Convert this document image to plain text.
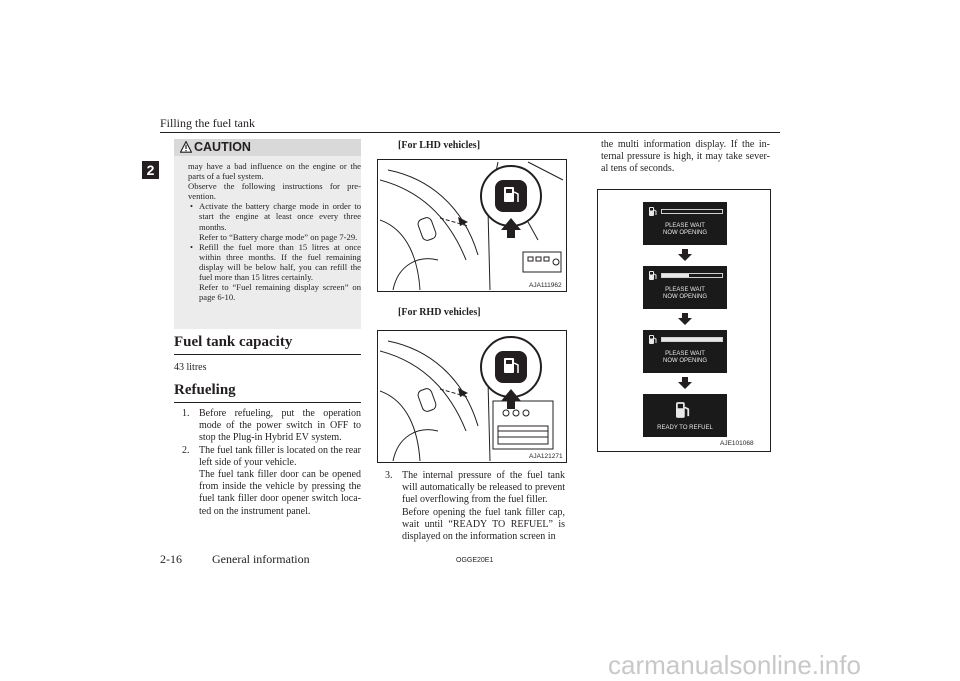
Filling the fuel tank
2
CAUTION

may have a bad influence on the engine or the parts of a fuel system.

Observe the following instructions for pre-vention.

• Activate the battery charge mode in order to start the engine at least once every three months.
Refer to “Battery charge mode” on page 7-29.
• Refill the fuel more than 15 litres at once within three months. If the fuel remaining display will be below half, you can refill the fuel more than 15 litres certainly.
Refer to “Fuel remaining display screen” on page 6-10.
Fuel tank capacity
43 litres
Refueling
1. Before refueling, put the operation mode of the power switch in OFF to stop the Plug-in Hybrid EV system.
2. The fuel tank filler is located on the rear left side of your vehicle.
The fuel tank filler door can be opened from inside the vehicle by pressing the fuel tank filler door opener switch loca-ted on the instrument panel.
[For LHD vehicles]
AJA111962
[For RHD vehicles]
AJA121271
3. The internal pressure of the fuel tank will automatically be released to prevent fuel overflowing from the fuel filler.
Before opening the fuel tank filler cap, wait until “READY TO REFUEL” is displayed on the information screen in
the multi information display. If the in-ternal pressure is high, it may take sever-al tens of seconds.
PLEASE WAIT
NOW OPENING
PLEASE WAIT
NOW OPENING
PLEASE WAIT
NOW OPENING
READY TO REFUEL
AJE101068
2-16	General information	OGGE20E1
carmanualsonline.info
